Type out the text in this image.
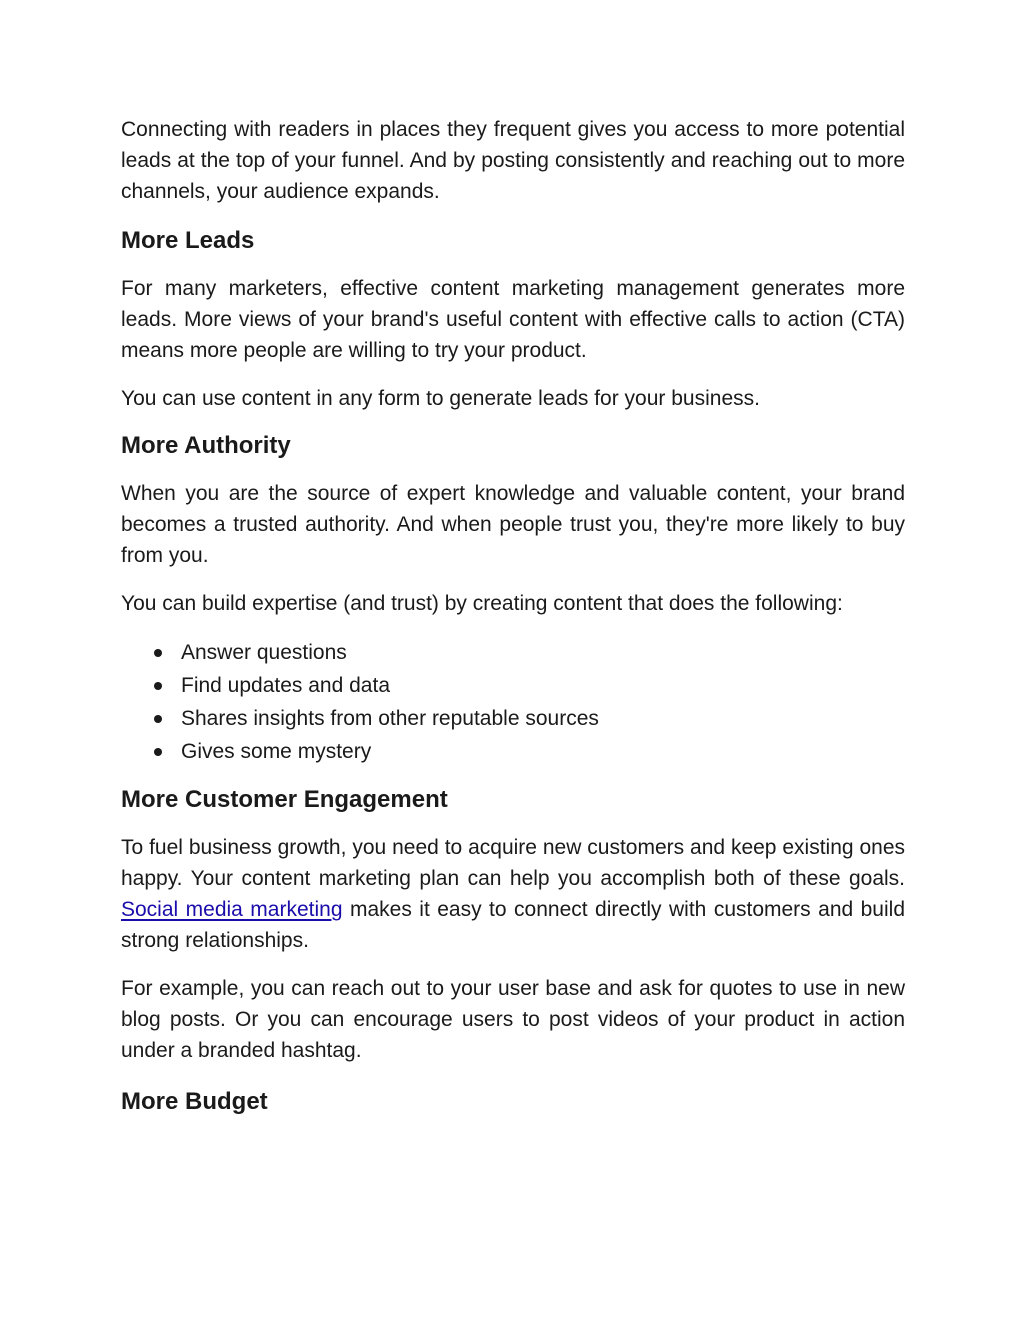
Connecting with readers in places they frequent gives you access to more potential leads at the top of your funnel. And by posting consistently and reaching out to more channels, your audience expands.

More Leads

For many marketers, effective content marketing management generates more leads. More views of your brand's useful content with effective calls to action (CTA) means more people are willing to try your product.

You can use content in any form to generate leads for your business.

More Authority

When you are the source of expert knowledge and valuable content, your brand becomes a trusted authority. And when people trust you, they're more likely to buy from you.

You can build expertise (and trust) by creating content that does the following:

Answer questions
Find updates and data
Shares insights from other reputable sources
Gives some mystery
More Customer Engagement

To fuel business growth, you need to acquire new customers and keep existing ones happy. Your content marketing plan can help you accomplish both of these goals. Social media marketing makes it easy to connect directly with customers and build strong relationships.

For example, you can reach out to your user base and ask for quotes to use in new blog posts. Or you can encourage users to post videos of your product in action under a branded hashtag.

More Budget
